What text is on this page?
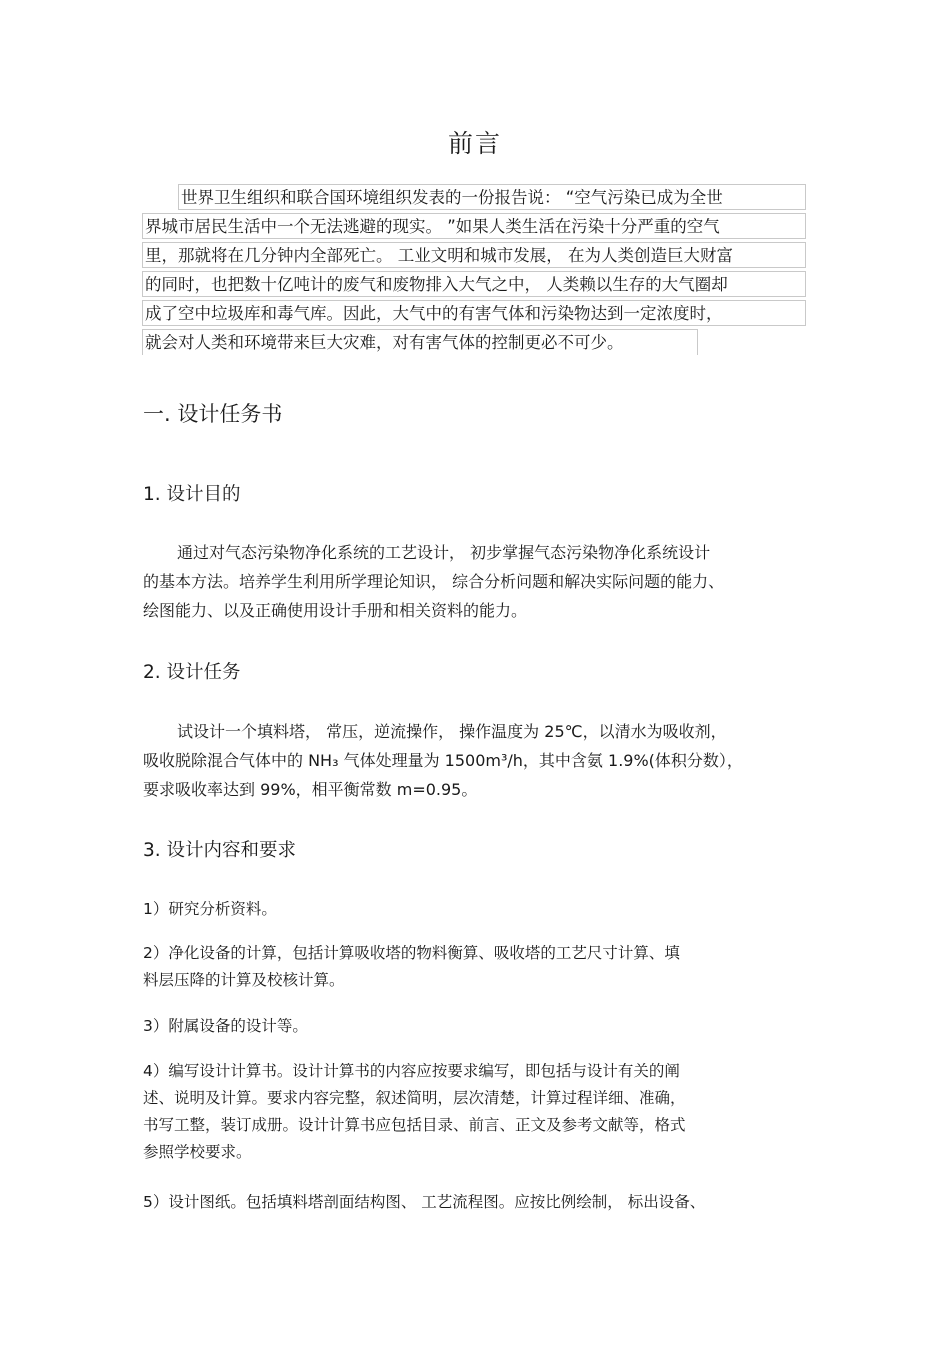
前言
世界卫生组织和联合国环境组织发表的一份报告说： “空气污染已成为全世
界城市居民生活中一个无法逃避的现实。 ”如果人类生活在污染十分严重的空气
里，那就将在几分钟内全部死亡。 工业文明和城市发展， 在为人类创造巨大财富
的同时，也把数十亿吨计的废气和废物排入大气之中， 人类赖以生存的大气圈却
成了空中垃圾库和毒气库。因此，大气中的有害气体和污染物达到一定浓度时，
就会对人类和环境带来巨大灾难，对有害气体的控制更必不可少。
一. 设计任务书
1. 设计目的
通过对气态污染物净化系统的工艺设计， 初步掌握气态污染物净化系统设计
的基本方法。培养学生利用所学理论知识， 综合分析问题和解决实际问题的能力、
绘图能力、以及正确使用设计手册和相关资料的能力。
2. 设计任务
试设计一个填料塔， 常压，逆流操作， 操作温度为 25℃，以清水为吸收剂，
吸收脱除混合气体中的 NH₃ 气体处理量为 1500m³/h，其中含氨 1.9%(体积分数），
要求吸收率达到 99%，相平衡常数 m=0.95。
3. 设计内容和要求
1）研究分析资料。
2）净化设备的计算，包括计算吸收塔的物料衡算、吸收塔的工艺尺寸计算、填
料层压降的计算及校核计算。
3）附属设备的设计等。
4）编写设计计算书。设计计算书的内容应按要求编写，即包括与设计有关的阐
述、说明及计算。要求内容完整，叙述简明，层次清楚，计算过程详细、准确，
书写工整，装订成册。设计计算书应包括目录、前言、正文及参考文献等，格式
参照学校要求。
5）设计图纸。包括填料塔剖面结构图、 工艺流程图。应按比例绘制， 标出设备、
